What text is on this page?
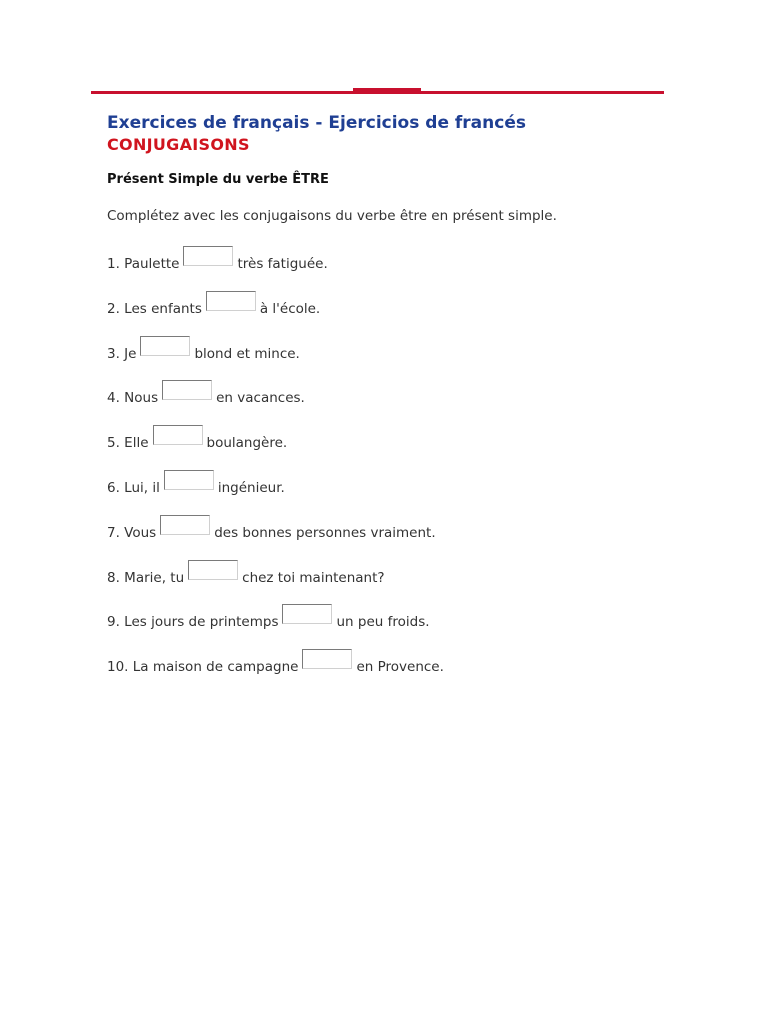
Exercices de français - Ejercicios de francés
CONJUGAISONS
Présent Simple du verbe ÊTRE

Complétez avec les conjugaisons du verbe être en présent simple.

1. Paulette	très fatiguée.
2. Les enfants	à l'école.
3. Je	blond et mince.
4. Nous	en vacances.
5. Elle	boulangère.
6. Lui, il	ingénieur.
7. Vous	des bonnes personnes vraiment.
8. Marie, tu	chez toi maintenant?
9. Les jours de printemps	un peu froids.
10. La maison de campagne	en Provence.
